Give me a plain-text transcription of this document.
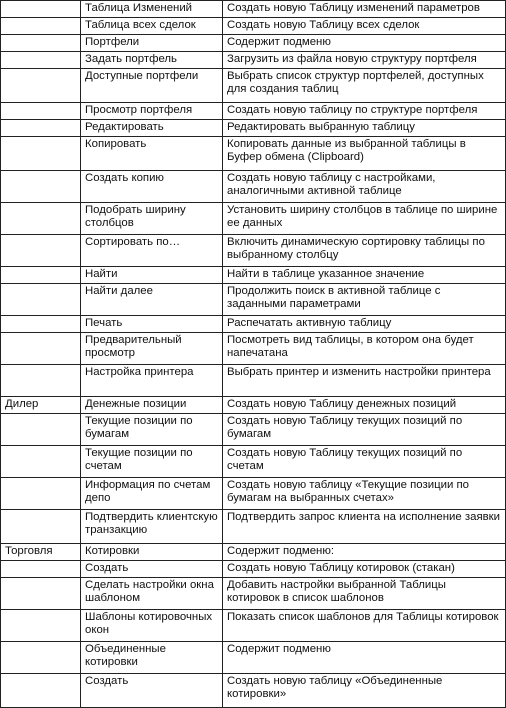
	Таблица Изменений	Создать новую Таблицу изменений параметров
	Таблица всех сделок	Создать новую Таблицу всех сделок
	Портфели	Содержит подменю
	Задать портфель	Загрузить из файла новую структуру портфеля
	Доступные портфели	Выбрать список структур портфелей, доступных для создания таблиц
	Просмотр портфеля	Создать новую таблицу по структуре портфеля
	Редактировать	Редактировать выбранную таблицу
	Копировать	Копировать данные из выбранной таблицы в Буфер обмена (Clipboard)
	Создать копию	Создать новую таблицу с настройками, аналогичными активной таблице
	Подобрать ширину столбцов	Установить ширину столбцов в таблице по ширине ее данных
	Сортировать по…	Включить динамическую сортировку таблицы по выбранному столбцу
	Найти	Найти в таблице указанное значение
	Найти далее	Продолжить поиск в активной таблице с заданными параметрами
	Печать	Распечатать активную таблицу
	Предварительный просмотр	Посмотреть вид таблицы, в котором она будет напечатана
	Настройка принтера	Выбрать принтер и изменить настройки принтера
Дилер	Денежные позиции	Создать новую Таблицу денежных позиций
	Текущие позиции по бумагам	Создать новую Таблицу текущих позиций по бумагам
	Текущие позиции по счетам	Создать новую Таблицу текущих позиций по счетам
	Информация по счетам депо	Создать новую таблицу «Текущие позиции по бумагам на выбранных счетах»
	Подтвердить клиентскую транзакцию	Подтвердить запрос клиента на исполнение заявки
Торговля	Котировки	Содержит подменю:
	Создать	Создать новую Таблицу котировок (стакан)
	Сделать настройки окна шаблоном	Добавить настройки выбранной Таблицы котировок в список шаблонов
	Шаблоны котировочных окон	Показать список шаблонов для Таблицы котировок
	Объединенные котировки	Содержит подменю
	Создать	Создать новую таблицу «Объединенные котировки»
